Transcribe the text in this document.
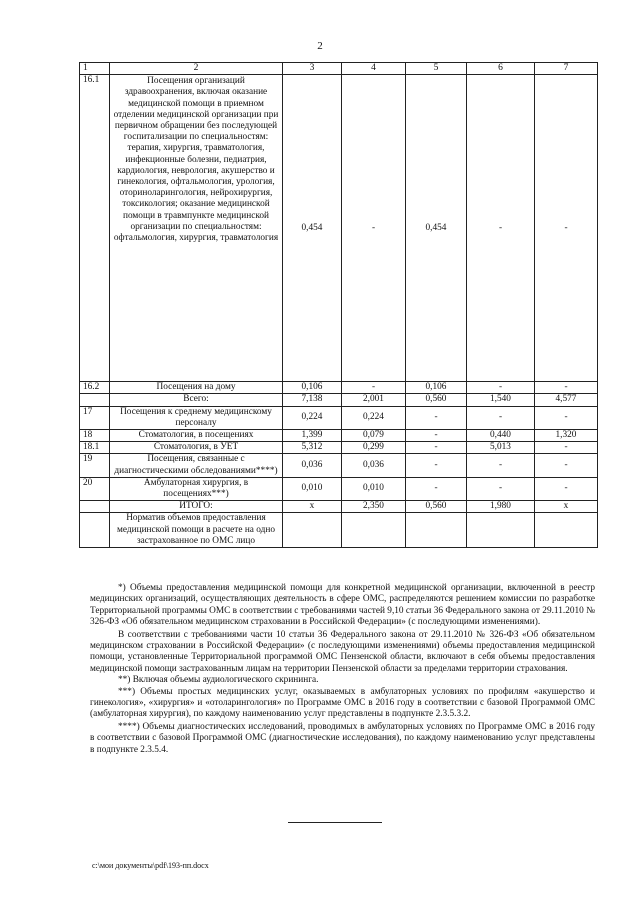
2
1	2	3	4	5	6	7
16.1	Посещения организаций здравоохранения, включая оказание медицинской помощи в приемном отделении медицинской организации при первичном обращении без последующей госпитализации по специальностям: терапия, хирургия, травматология, инфекционные болезни, педиатрия, кардиология, неврология, акушерство и гинекология, офтальмология, урология, оториноларингология, нейрохирургия, токсикология; оказание медицинской помощи в травмпункте медицинской организации по специальностям: офтальмология, хирургия, травматология	0,454	-	0,454	-	-
16.2	Посещения на дому	0,106	-	0,106	-	-
	Всего:	7,138	2,001	0,560	1,540	4,577
17	Посещения к среднему медицинскому персоналу	0,224	0,224	-	-	-
18	Стоматология, в посещениях	1,399	0,079	-	0,440	1,320
18.1	Стоматология, в УЕТ	5,312	0,299	-	5,013	-
19	Посещения, связанные с диагностическими обследованиями****)	0,036	0,036	-	-	-
20	Амбулаторная хирургия, в посещениях***)	0,010	0,010	-	-	-
	ИТОГО:	x	2,350	0,560	1,980	x
	Норматив объемов предоставления медицинской помощи в расчете на одно застрахованное по ОМС лицо					

*) Объемы предоставления медицинской помощи для конкретной медицинской организации, включенной в реестр медицинских организаций, осуществляющих деятельность в сфере ОМС, распределяются решением комиссии по разработке Территориальной программы ОМС в соответствии с требованиями частей 9,10 статьи 36 Федерального закона от 29.11.2010 № 326-ФЗ «Об обязательном медицинском страховании в Российской Федерации» (с последующими изменениями).

В соответствии с требованиями части 10 статьи 36 Федерального закона от 29.11.2010 № 326-ФЗ «Об обязательном медицинском страховании в Российской Федерации» (с последующими изменениями) объемы предоставления медицинской помощи, установленные Территориальной программой ОМС Пензенской области, включают в себя объемы предоставления медицинской помощи застрахованным лицам на территории Пензенской области за пределами территории страхования.

**) Включая объемы аудиологического скрининга.

***) Объемы простых медицинских услуг, оказываемых в амбулаторных условиях по профилям «акушерство и гинекология», «хирургия» и «отоларингология» по Программе ОМС в 2016 году в соответствии с базовой Программой ОМС (амбулаторная хирургия), по каждому наименованию услуг представлены в подпункте 2.3.5.3.2.

****) Объемы диагностических исследований, проводимых в амбулаторных условиях по Программе ОМС в 2016 году в соответствии с базовой Программой ОМС (диагностические исследования), по каждому наименованию услуг представлены в подпункте 2.3.5.4.

c:\мои документы\pdf\193-пп.docx
